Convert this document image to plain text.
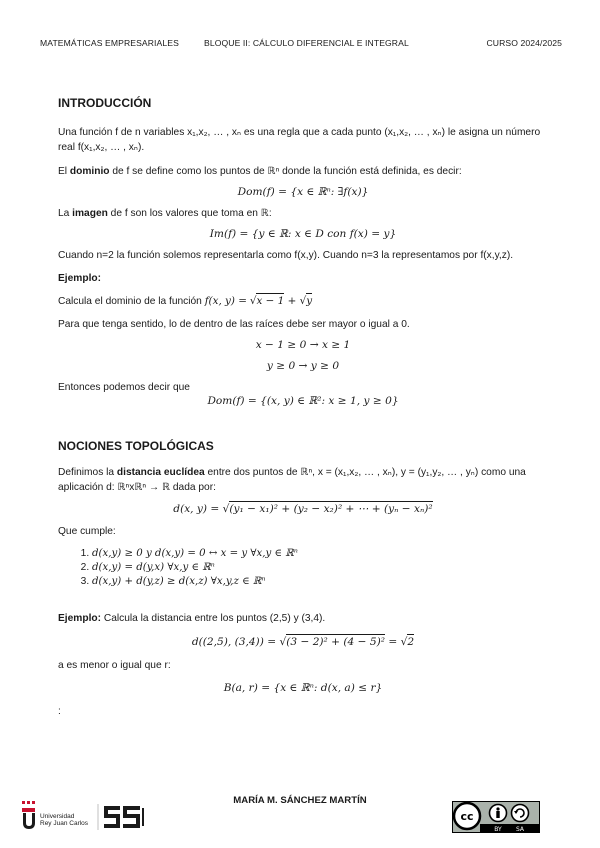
MATEMÁTICAS EMPRESARIALES	BLOQUE II: CÁLCULO DIFERENCIAL E INTEGRAL	CURSO 2024/2025
INTRODUCCIÓN

Una función f de n variables x₁,x₂, … , xₙ es una regla que a cada punto (x₁,x₂, … , xₙ) le asigna un número real f(x₁,x₂, … , xₙ).

El dominio de f se define como los puntos de ℝⁿ donde la función está definida, es decir:

Dom(f) = {x ∈ ℝⁿ: ∃f(x)}

La imagen de f son los valores que toma en ℝ:

Im(f) = {y ∈ ℝ: x ∈ D con f(x) = y}

Cuando n=2 la función solemos representarla como f(x,y). Cuando n=3 la representamos por f(x,y,z).

Ejemplo:

Calcula el dominio de la función f(x, y) = √x − 1 + √y

Para que tenga sentido, lo de dentro de las raíces debe ser mayor o igual a 0.

x − 1 ≥ 0 → x ≥ 1
y ≥ 0 → y ≥ 0

Entonces podemos decir que

Dom(f) = {(x, y) ∈ ℝ²: x ≥ 1, y ≥ 0}
NOCIONES TOPOLÓGICAS

Definimos la distancia euclídea entre dos puntos de ℝⁿ, x = (x₁,x₂, … , xₙ), y = (y₁,y₂, … , yₙ) como una aplicación d: ℝⁿxℝⁿ → ℝ dada por:

d(x, y) = √(y₁ − x₁)² + (y₂ − x₂)² + ⋯ + (yₙ − xₙ)²

Que cumple:

1. d(x,y) ≥ 0 y d(x,y) = 0 ↔ x = y ∀x,y ∈ ℝⁿ
2. d(x,y) = d(y,x) ∀x,y ∈ ℝⁿ
3. d(x,y) + d(y,z) ≥ d(x,z) ∀x,y,z ∈ ℝⁿ

Ejemplo: Calcula la distancia entre los puntos (2,5) y (3,4).

d((2,5), (3,4)) = √(3 − 2)² + (4 − 5)² = √2

a es menor o igual que r:

B(a, r) = {x ∈ ℝⁿ: d(x, a) ≤ r}

:

Universidad
Rey Juan Carlos
MARÍA M. SÁNCHEZ MARTÍN
cc
BY SA
